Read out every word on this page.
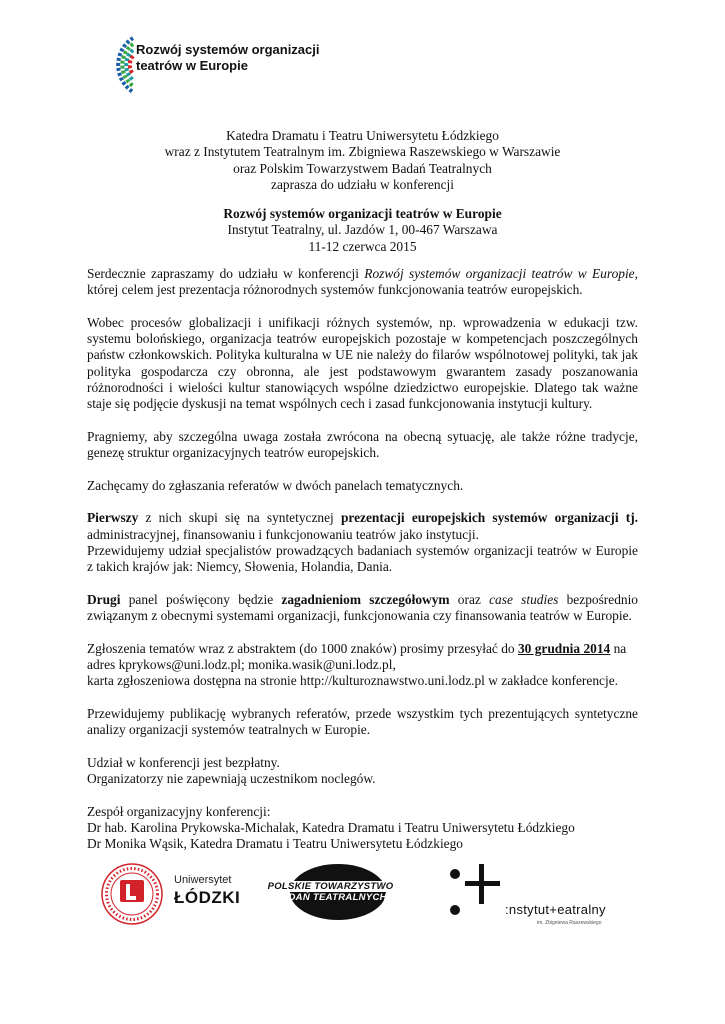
Rozwój systemów organizacji
teatrów w Europie
Katedra Dramatu i Teatru Uniwersytetu Łódzkiego
wraz z Instytutem Teatralnym im. Zbigniewa Raszewskiego w Warszawie
oraz Polskim Towarzystwem Badań Teatralnych
zaprasza do udziału w konferencji
Rozwój systemów organizacji teatrów w Europie
Instytut Teatralny, ul. Jazdów 1, 00-467 Warszawa
11-12 czerwca 2015

Serdecznie zapraszamy do udziału w konferencji Rozwój systemów organizacji teatrów w Europie, której celem jest prezentacja różnorodnych systemów funkcjonowania teatrów europejskich.

Wobec procesów globalizacji i unifikacji różnych systemów, np. wprowadzenia w edukacji tzw. systemu bolońskiego, organizacja teatrów europejskich pozostaje w kompetencjach poszczególnych państw członkowskich. Polityka kulturalna w UE nie należy do filarów wspólnotowej polityki, tak jak polityka gospodarcza czy obronna, ale jest podstawowym gwarantem zasady poszanowania różnorodności i wielości kultur stanowiących wspólne dziedzictwo europejskie. Dlatego tak ważne staje się podjęcie dyskusji na temat wspólnych cech i zasad funkcjonowania instytucji kultury.

Pragniemy, aby szczególna uwaga została zwrócona na obecną sytuację, ale także różne tradycje, genezę struktur organizacyjnych teatrów europejskich.

Zachęcamy do zgłaszania referatów w dwóch panelach tematycznych.

Pierwszy z nich skupi się na syntetycznej prezentacji europejskich systemów organizacji tj. administracyjnej, finansowaniu i funkcjonowaniu teatrów jako instytucji.
Przewidujemy udział specjalistów prowadzących badaniach systemów organizacji teatrów w Europie z takich krajów jak: Niemcy, Słowenia, Holandia, Dania.

Drugi panel poświęcony będzie zagadnieniom szczegółowym oraz case studies bezpośrednio związanym z obecnymi systemami organizacji, funkcjonowania czy finansowania teatrów w Europie.

Zgłoszenia tematów wraz z abstraktem (do 1000 znaków) prosimy przesyłać do 30 grudnia 2014 na
adres kprykows@uni.lodz.pl; monika.wasik@uni.lodz.pl,
karta zgłoszeniowa dostępna na stronie http://kulturoznawstwo.uni.lodz.pl w zakładce konferencje.

Przewidujemy publikację wybranych referatów, przede wszystkim tych prezentujących syntetyczne analizy organizacji systemów teatralnych w Europie.

Udział w konferencji jest bezpłatny.
Organizatorzy nie zapewniają uczestnikom noclegów.

Zespół organizacyjny konferencji:
Dr hab. Karolina Prykowska-Michalak, Katedra Dramatu i Teatru Uniwersytetu Łódzkiego
Dr Monika Wąsik, Katedra Dramatu i Teatru Uniwersytetu Łódzkiego

Uniwersytet
ŁÓDZKI
POLSKIE TOWARZYSTWO
BADAŃ TEATRALNYCH
:nstytut+eatralny
im. Zbigniewa Raszewskiego
